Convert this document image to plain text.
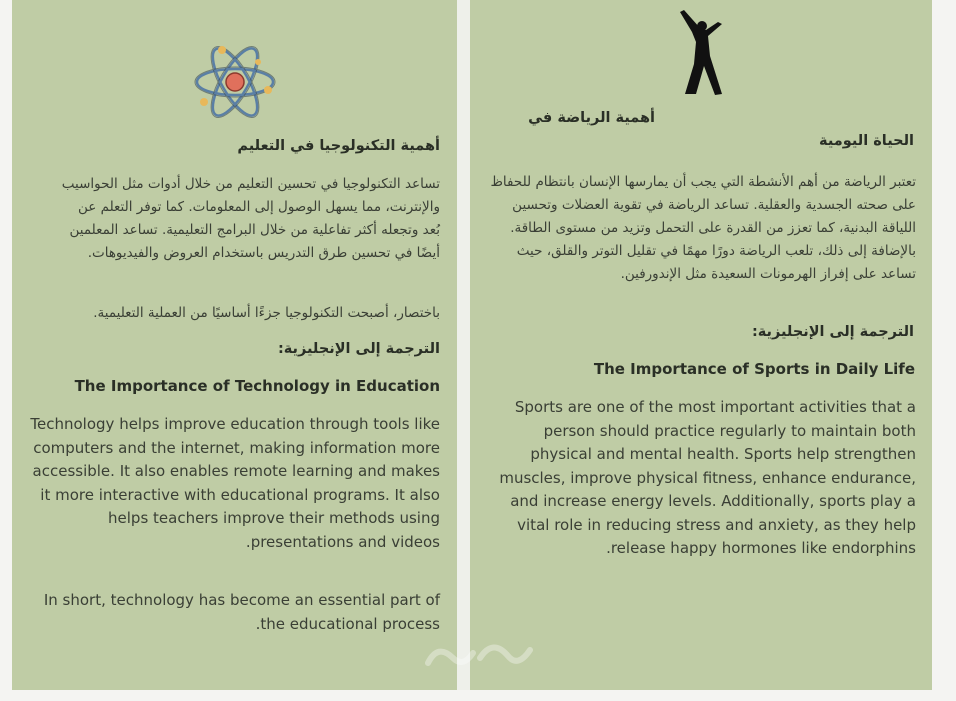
أهمية التكنولوجيا في التعليم
تساعد التكنولوجيا في تحسين التعليم من خلال أدوات مثل الحواسيب والإنترنت، مما يسهل الوصول إلى المعلومات. كما توفر التعلم عن بُعد وتجعله أكثر تفاعلية من خلال البرامج التعليمية. تساعد المعلمين أيضًا في تحسين طرق التدريس باستخدام العروض والفيديوهات.
باختصار، أصبحت التكنولوجيا جزءًا أساسيًا من العملية التعليمية.
الترجمة إلى الإنجليزية:
The Importance of Technology in Education
Technology helps improve education through tools like computers and the internet, making information more accessible. It also enables remote learning and makes it more interactive with educational programs. It also helps teachers improve their methods using presentations and videos.
In short, technology has become an essential part of the educational process.
أهمية الرياضة في
الحياة اليومية
تعتبر الرياضة من أهم الأنشطة التي يجب أن يمارسها الإنسان بانتظام للحفاظ على صحته الجسدية والعقلية. تساعد الرياضة في تقوية العضلات وتحسين اللياقة البدنية، كما تعزز من القدرة على التحمل وتزيد من مستوى الطاقة. بالإضافة إلى ذلك، تلعب الرياضة دورًا مهمًا في تقليل التوتر والقلق، حيث تساعد على إفراز الهرمونات السعيدة مثل الإندورفين.
الترجمة إلى الإنجليزية:
The Importance of Sports in Daily Life
Sports are one of the most important activities that a person should practice regularly to maintain both physical and mental health. Sports help strengthen muscles, improve physical fitness, enhance endurance, and increase energy levels. Additionally, sports play a vital role in reducing stress and anxiety, as they help release happy hormones like endorphins.
